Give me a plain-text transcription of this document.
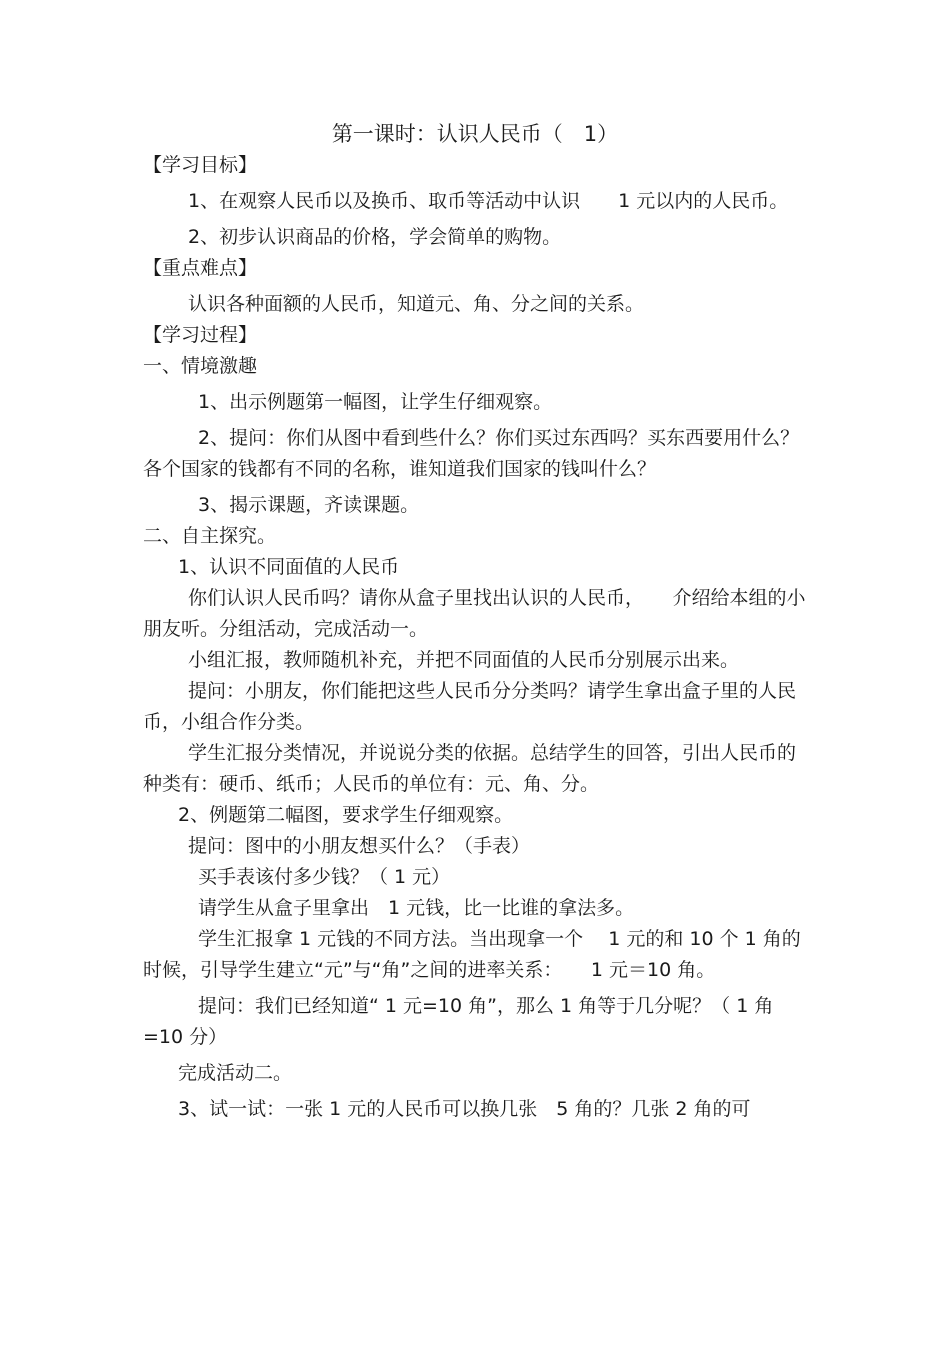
第一课时：认识人民币（　1）

【学习目标】

1、在观察人民币以及换币、取币等活动中认识　　1 元以内的人民币。

2、初步认识商品的价格，学会简单的购物。

【重点难点】

认识各种面额的人民币，知道元、角、分之间的关系。

【学习过程】

一、情境激趣

1、出示例题第一幅图，让学生仔细观察。

2、提问：你们从图中看到些什么？你们买过东西吗？买东西要用什么？各个国家的钱都有不同的名称，谁知道我们国家的钱叫什么？

3、揭示课题，齐读课题。

二、自主探究。

1、认识不同面值的人民币

你们认识人民币吗？请你从盒子里找出认识的人民币，　　介绍给本组的小朋友听。分组活动，完成活动一。

小组汇报，教师随机补充，并把不同面值的人民币分别展示出来。

提问：小朋友，你们能把这些人民币分分类吗？请学生拿出盒子里的人民币，小组合作分类。

学生汇报分类情况，并说说分类的依据。总结学生的回答，引出人民币的种类有：硬币、纸币；人民币的单位有：元、角、分。

2、例题第二幅图，要求学生仔细观察。

提问：图中的小朋友想买什么？（手表）

买手表该付多少钱？（ 1 元）

请学生从盒子里拿出　1 元钱，比一比谁的拿法多。

学生汇报拿 1 元钱的不同方法。当出现拿一个　 1 元的和 10 个 1 角的时候，引导学生建立“元”与“角”之间的进率关系：　　1 元＝10 角。

提问：我们已经知道“ 1 元=10 角”，那么 1 角等于几分呢？（ 1 角=10 分）

完成活动二。

3、试一试：一张 1 元的人民币可以换几张　5 角的？几张 2 角的可
